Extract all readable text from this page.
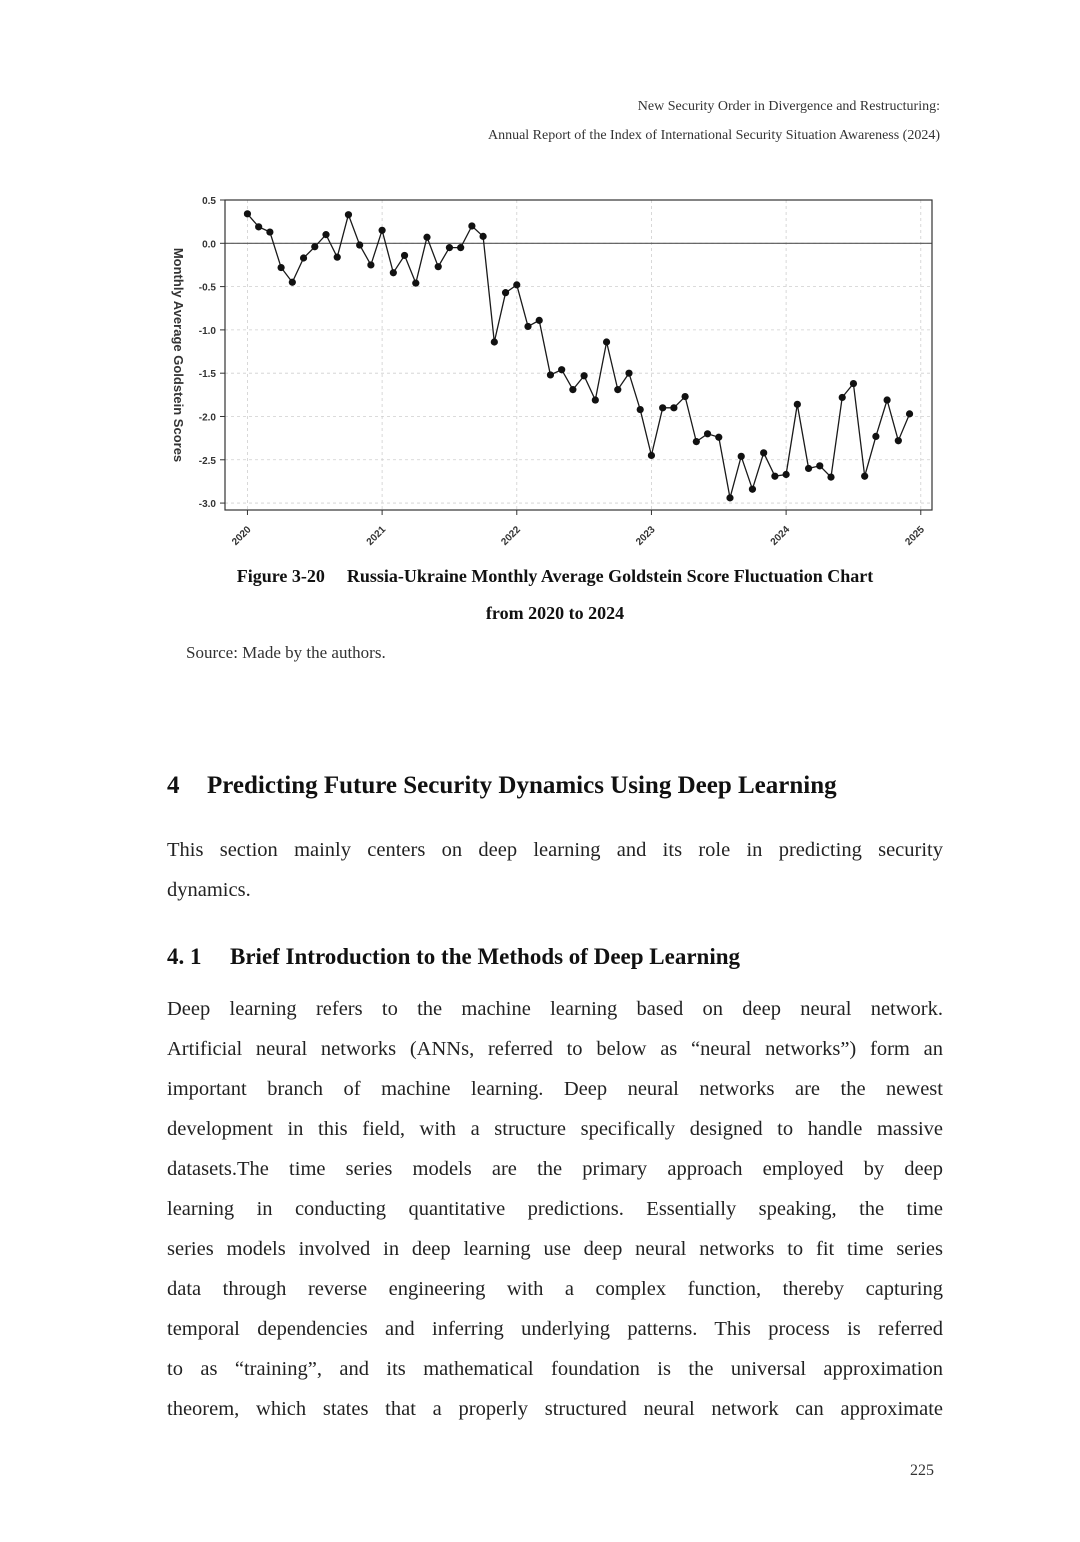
New Security Order in Divergence and Restructuring:
Annual Report of the Index of International Security Situation Awareness (2024)
0.5
0.0
-0.5
-1.0
-1.5
-2.0
-2.5
-3.0
2020	2021	2022	2023	2024	2025
Monthly Average Goldstein Scores
Figure 3-20 Russia-Ukraine Monthly Average Goldstein Score Fluctuation Chart
from 2020 to 2024
Source: Made by the authors.
4 Predicting Future Security Dynamics Using Deep Learning
This section mainly centers on deep learning and its role in predicting security
dynamics.
4. 1 Brief Introduction to the Methods of Deep Learning
Deep learning refers to the machine learning based on deep neural network.
Artificial neural networks (ANNs, referred to below as “neural networks”) form an
important branch of machine learning. Deep neural networks are the newest
development in this field, with a structure specifically designed to handle massive
datasets.The time series models are the primary approach employed by deep
learning in conducting quantitative predictions. Essentially speaking, the time
series models involved in deep learning use deep neural networks to fit time series
data through reverse engineering with a complex function, thereby capturing
temporal dependencies and inferring underlying patterns. This process is referred
to as “training”, and its mathematical foundation is the universal approximation
theorem, which states that a properly structured neural network can approximate
225
